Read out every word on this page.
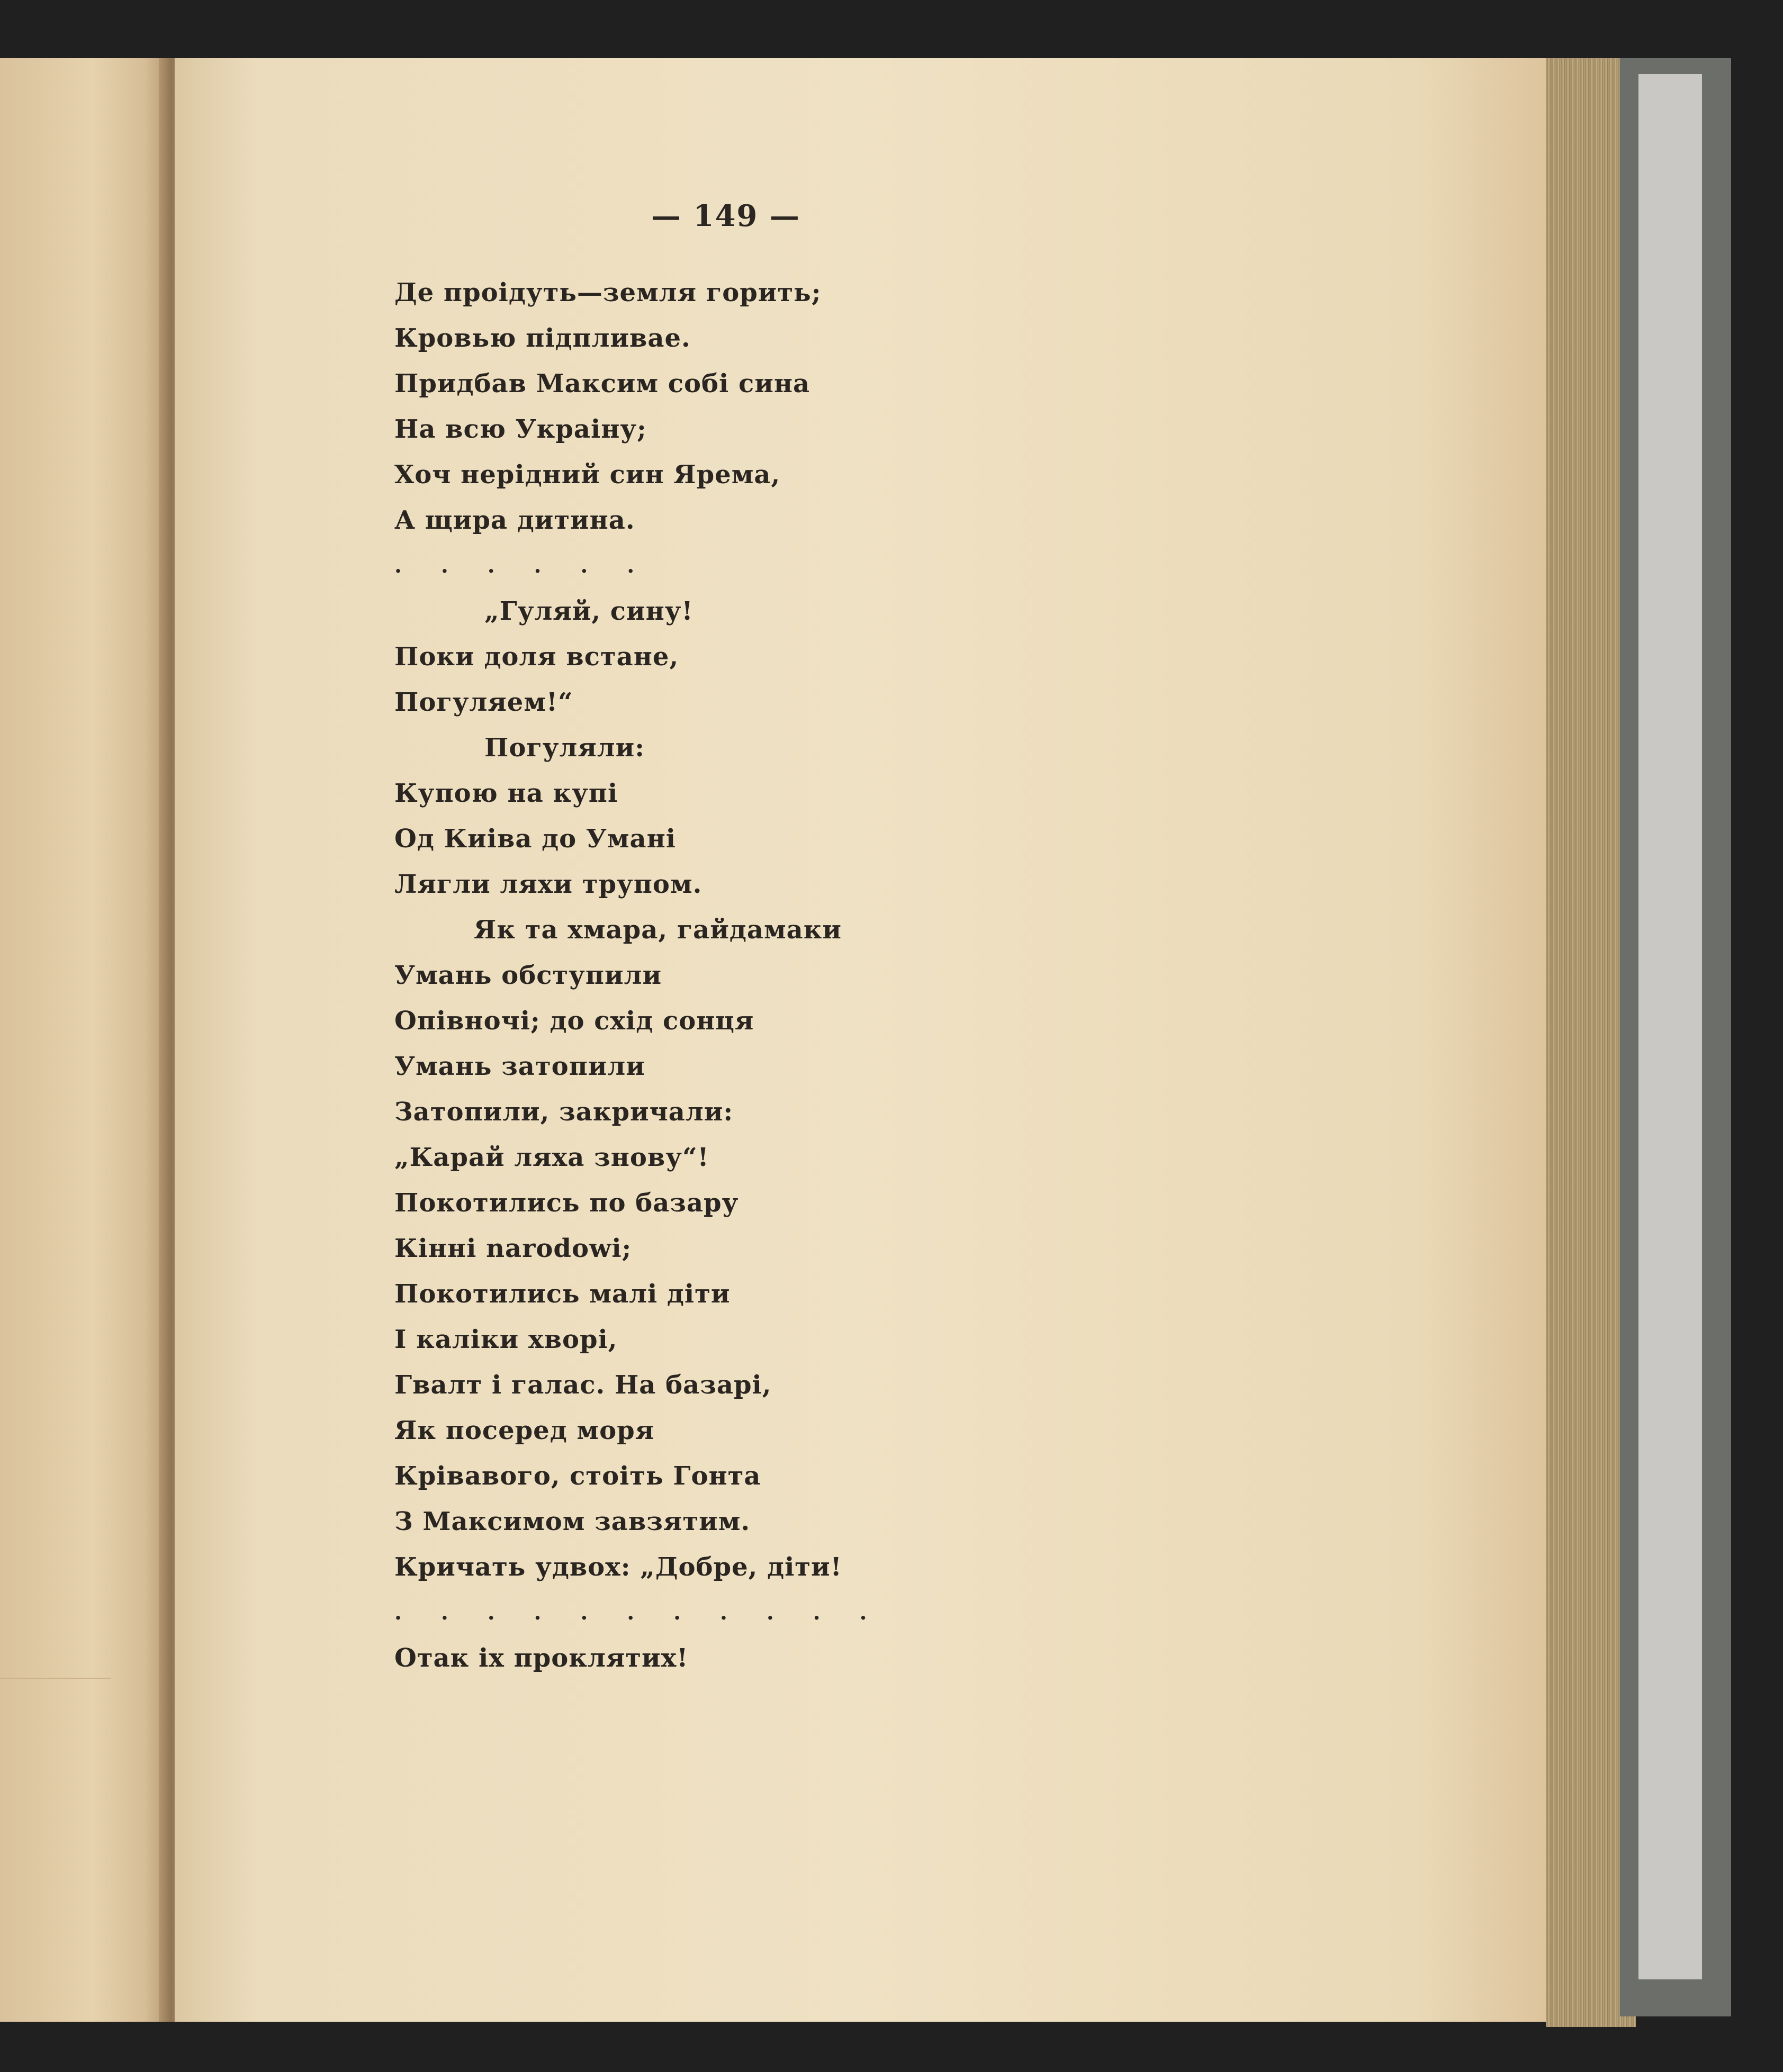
— 149 —
Де проідуть—земля горить;
Кровью підпливае.
Придбав Максим собі сина
На всю Украіну;
Хоч нерідний син Ярема,
А щира дитина.
. . . . . .
„Гуляй, сину!
Поки доля встане,
Погуляем!“
Погуляли:
Купою на купі
Од Киіва до Умані
Лягли ляхи трупом.
Як та хмара, гайдамаки
Умань обступили
Опівночі; до схід сонця
Умань затопили
Затопили, закричали:
„Карай ляха знову“!
Покотились по базару
Кінні narodowi;
Покотились малі діти
І каліки хворі,
Гвалт і галас. На базарі,
Як посеред моря
Крівавого, стоіть Гонта
З Максимом завзятим.
Кричать удвох: „Добре, діти!
. . . . . . . . . . .
Отак іх проклятих!
